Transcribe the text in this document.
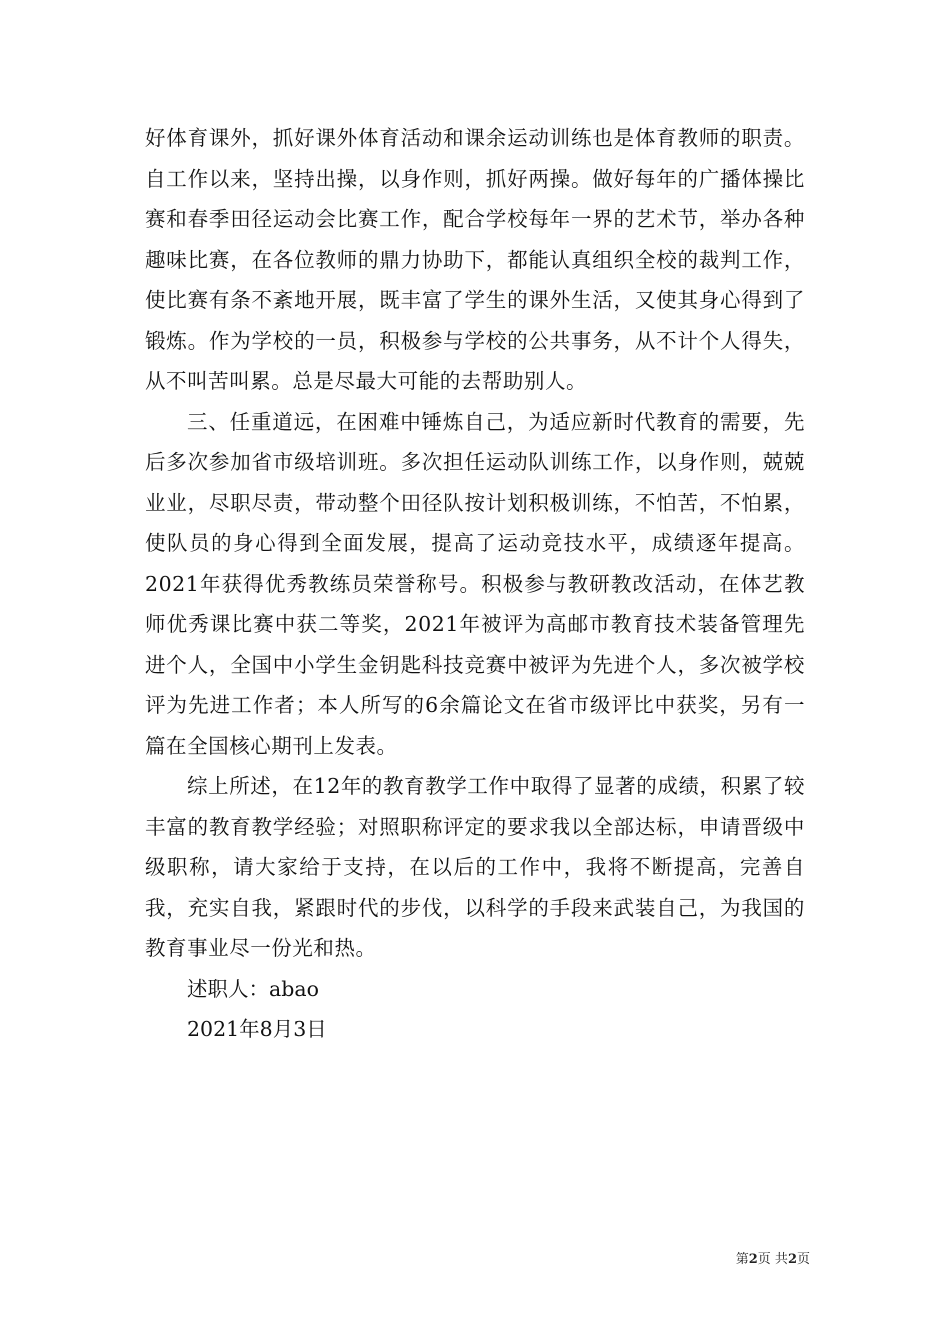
好体育课外，抓好课外体育活动和课余运动训练也是体育教师的职责。自工作以来，坚持出操，以身作则，抓好两操。做好每年的广播体操比赛和春季田径运动会比赛工作，配合学校每年一界的艺术节，举办各种趣味比赛，在各位教师的鼎力协助下，都能认真组织全校的裁判工作，使比赛有条不紊地开展，既丰富了学生的课外生活，又使其身心得到了锻炼。作为学校的一员，积极参与学校的公共事务，从不计个人得失，从不叫苦叫累。总是尽最大可能的去帮助别人。

三、任重道远，在困难中锤炼自己，为适应新时代教育的需要，先后多次参加省市级培训班。多次担任运动队训练工作，以身作则，兢兢业业，尽职尽责，带动整个田径队按计划积极训练，不怕苦，不怕累，使队员的身心得到全面发展，提高了运动竞技水平，成绩逐年提高。2021年获得优秀教练员荣誉称号。积极参与教研教改活动，在体艺教师优秀课比赛中获二等奖，2021年被评为高邮市教育技术装备管理先进个人，全国中小学生金钥匙科技竞赛中被评为先进个人，多次被学校评为先进工作者；本人所写的6余篇论文在省市级评比中获奖，另有一篇在全国核心期刊上发表。

综上所述，在12年的教育教学工作中取得了显著的成绩，积累了较丰富的教育教学经验；对照职称评定的要求我以全部达标，申请晋级中级职称，请大家给于支持，在以后的工作中，我将不断提高，完善自我，充实自我，紧跟时代的步伐，以科学的手段来武装自己，为我国的教育事业尽一份光和热。

述职人：abao

2021年8月3日

第2页 共2页
